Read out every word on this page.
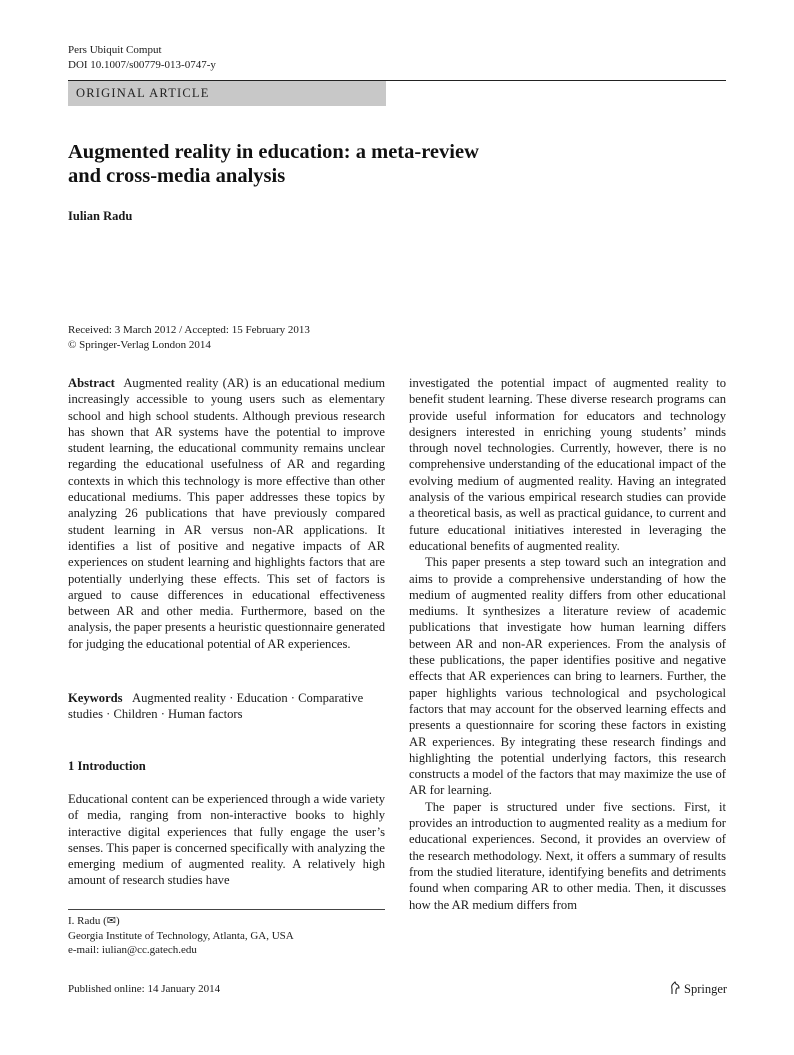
Pers Ubiquit Comput
DOI 10.1007/s00779-013-0747-y
ORIGINAL ARTICLE
Augmented reality in education: a meta-review
and cross-media analysis
Iulian Radu
Received: 3 March 2012 / Accepted: 15 February 2013
© Springer-Verlag London 2014

Abstract Augmented reality (AR) is an educational medium increasingly accessible to young users such as elementary school and high school students. Although previous research has shown that AR systems have the potential to improve student learning, the educational community remains unclear regarding the educational usefulness of AR and regarding contexts in which this technology is more effective than other educational mediums. This paper addresses these topics by analyzing 26 publications that have previously compared student learning in AR versus non-AR applications. It identifies a list of positive and negative impacts of AR experiences on student learning and highlights factors that are potentially underlying these effects. This set of factors is argued to cause differences in educational effectiveness between AR and other media. Furthermore, based on the analysis, the paper presents a heuristic questionnaire generated for judging the educational potential of AR experiences.

Keywords Augmented reality · Education · Comparative studies · Children · Human factors

1 Introduction

Educational content can be experienced through a wide variety of media, ranging from non-interactive books to highly interactive digital experiences that fully engage the user’s senses. This paper is concerned specifically with analyzing the emerging medium of augmented reality. A relatively high amount of research studies have

I. Radu (✉)
Georgia Institute of Technology, Atlanta, GA, USA
e-mail: iulian@cc.gatech.edu

investigated the potential impact of augmented reality to benefit student learning. These diverse research programs can provide useful information for educators and technology designers interested in enriching young students’ minds through novel technologies. Currently, however, there is no comprehensive understanding of the educational impact of the evolving medium of augmented reality. Having an integrated analysis of the various empirical research studies can provide a theoretical basis, as well as practical guidance, to current and future educational initiatives interested in leveraging the educational benefits of augmented reality.

This paper presents a step toward such an integration and aims to provide a comprehensive understanding of how the medium of augmented reality differs from other educational mediums. It synthesizes a literature review of academic publications that investigate how human learning differs between AR and non-AR experiences. From the analysis of these publications, the paper identifies positive and negative effects that AR experiences can bring to learners. Further, the paper highlights various technological and psychological factors that may account for the observed learning effects and presents a questionnaire for scoring these factors in existing AR experiences. By integrating these research findings and highlighting the potential underlying factors, this research constructs a model of the factors that may maximize the use of AR for learning.

The paper is structured under five sections. First, it provides an introduction to augmented reality as a medium for educational experiences. Second, it provides an overview of the research methodology. Next, it offers a summary of results from the studied literature, identifying benefits and detriments found when comparing AR to other media. Then, it discusses how the AR medium differs from

Published online: 14 January 2014	Springer
